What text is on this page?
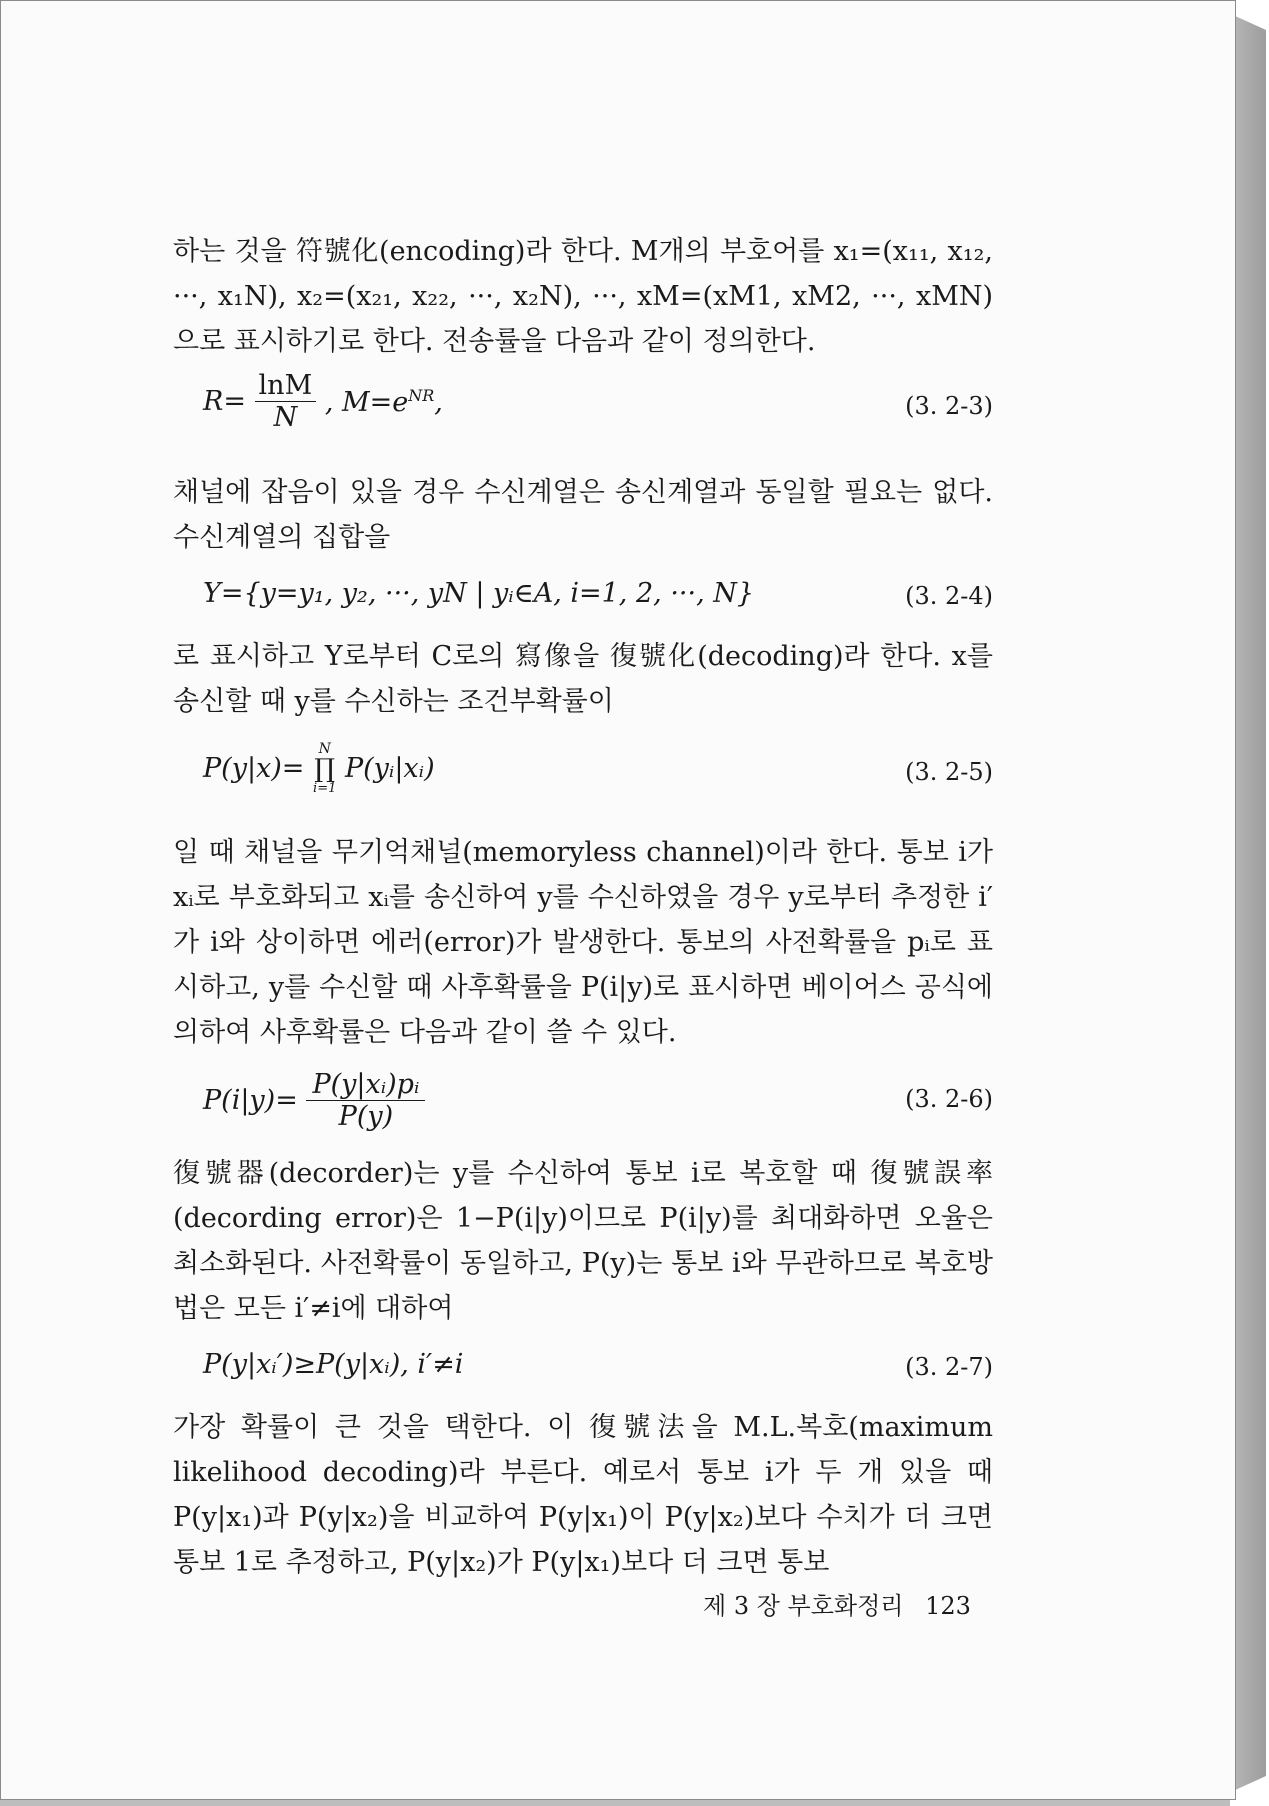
하는 것을 符號化(encoding)라 한다. M개의 부호어를 x₁=(x₁₁, x₁₂, ···, x₁N), x₂=(x₂₁, x₂₂, ···, x₂N), ···, xM=(xM1, xM2, ···, xMN)으로 표시하기로 한다. 전송률을 다음과 같이 정의한다.

$R= \frac{\ln M}{N}$ , $M=e^{NR}$,	(3. 2-3)

채널에 잡음이 있을 경우 수신계열은 송신계열과 동일할 필요는 없다. 수신계열의 집합을

Y={y=y₁, y₂, ···, yN | yᵢ∈A, i=1, 2, ···, N}	(3. 2-4)

로 표시하고 Y로부터 C로의 寫像을 復號化(decoding)라 한다. x를 송신할 때 y를 수신하는 조건부확률이

P(y|x)=
N
∏
i=1
P(yᵢ|xᵢ)	(3. 2-5)

일 때 채널을 무기억채널(memoryless channel)이라 한다. 통보 i가 xᵢ로 부호화되고 xᵢ를 송신하여 y를 수신하였을 경우 y로부터 추정한 i′가 i와 상이하면 에러(error)가 발생한다. 통보의 사전확률을 pᵢ로 표시하고, y를 수신할 때 사후확률을 P(i|y)로 표시하면 베이어스 공식에 의하여 사후확률은 다음과 같이 쓸 수 있다.

$P(i|y)= \frac{\text{P(y|xᵢ)pᵢ}}{P(y)}$	(3. 2-6)

復號器(decorder)는 y를 수신하여 통보 i로 복호할 때 復號誤率(decording error)은 1−P(i|y)이므로 P(i|y)를 최대화하면 오율은 최소화된다. 사전확률이 동일하고, P(y)는 통보 i와 무관하므로 복호방법은 모든 i′≠i에 대하여

P(y|xᵢ′)≥P(y|xᵢ), i′≠i	(3. 2-7)

가장 확률이 큰 것을 택한다. 이 復號法을 M.L.복호(maximum likelihood decoding)라 부른다. 예로서 통보 i가 두 개 있을 때 P(y|x₁)과 P(y|x₂)을 비교하여 P(y|x₁)이 P(y|x₂)보다 수치가 더 크면 통보 1로 추정하고, P(y|x₂)가 P(y|x₁)보다 더 크면 통보

제 3 장 부호화정리 123
